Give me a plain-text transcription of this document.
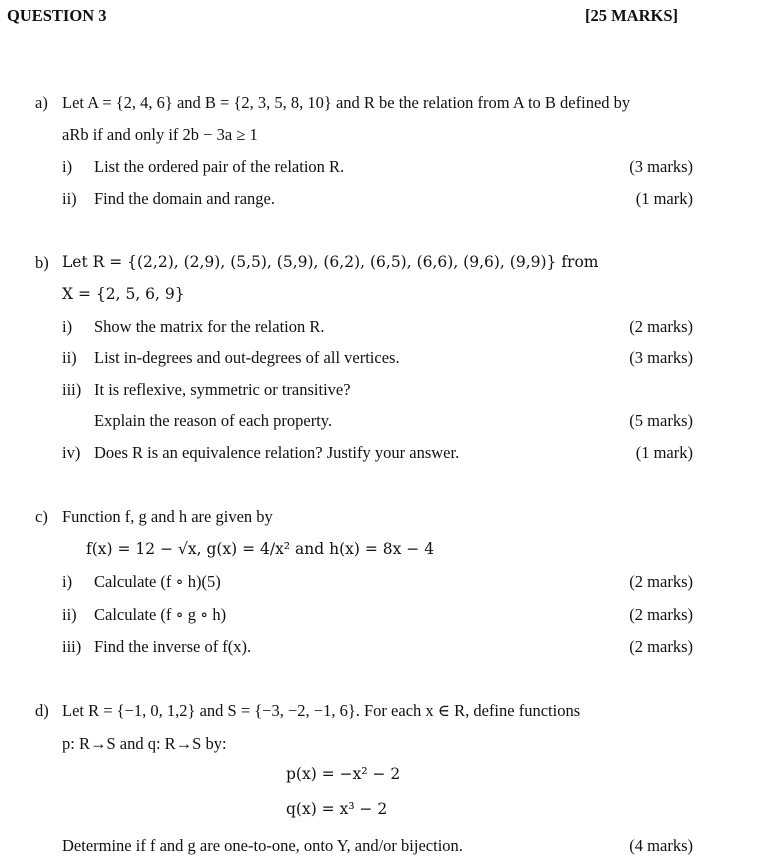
QUESTION 3	[25 MARKS]
a) Let A = {2, 4, 6} and B = {2, 3, 5, 8, 10} and R be the relation from A to B defined by
aRb if and only if 2b − 3a ≥ 1
i) List the ordered pair of the relation R.	(3 marks)
ii) Find the domain and range.	(1 mark)
b) Let R = {(2,2), (2,9), (5,5), (5,9), (6,2), (6,5), (6,6), (9,6), (9,9)} from
X = {2, 5, 6, 9}
i) Show the matrix for the relation R.	(2 marks)
ii) List in-degrees and out-degrees of all vertices.	(3 marks)
iii) It is reflexive, symmetric or transitive?
Explain the reason of each property.	(5 marks)
iv) Does R is an equivalence relation? Justify your answer.	(1 mark)
c) Function f, g and h are given by
f(x) = 12 − √x, g(x) = 4/x² and h(x) = 8x − 4
i) Calculate (f ∘ h)(5)	(2 marks)
ii) Calculate (f ∘ g ∘ h)	(2 marks)
iii) Find the inverse of f(x).	(2 marks)
d) Let R = {−1, 0, 1,2} and S = {−3, −2, −1, 6}. For each x ∈ R, define functions
p: R→S and q: R→S by:
p(x) = −x² − 2
q(x) = x³ − 2
Determine if f and g are one-to-one, onto Y, and/or bijection.	(4 marks)
